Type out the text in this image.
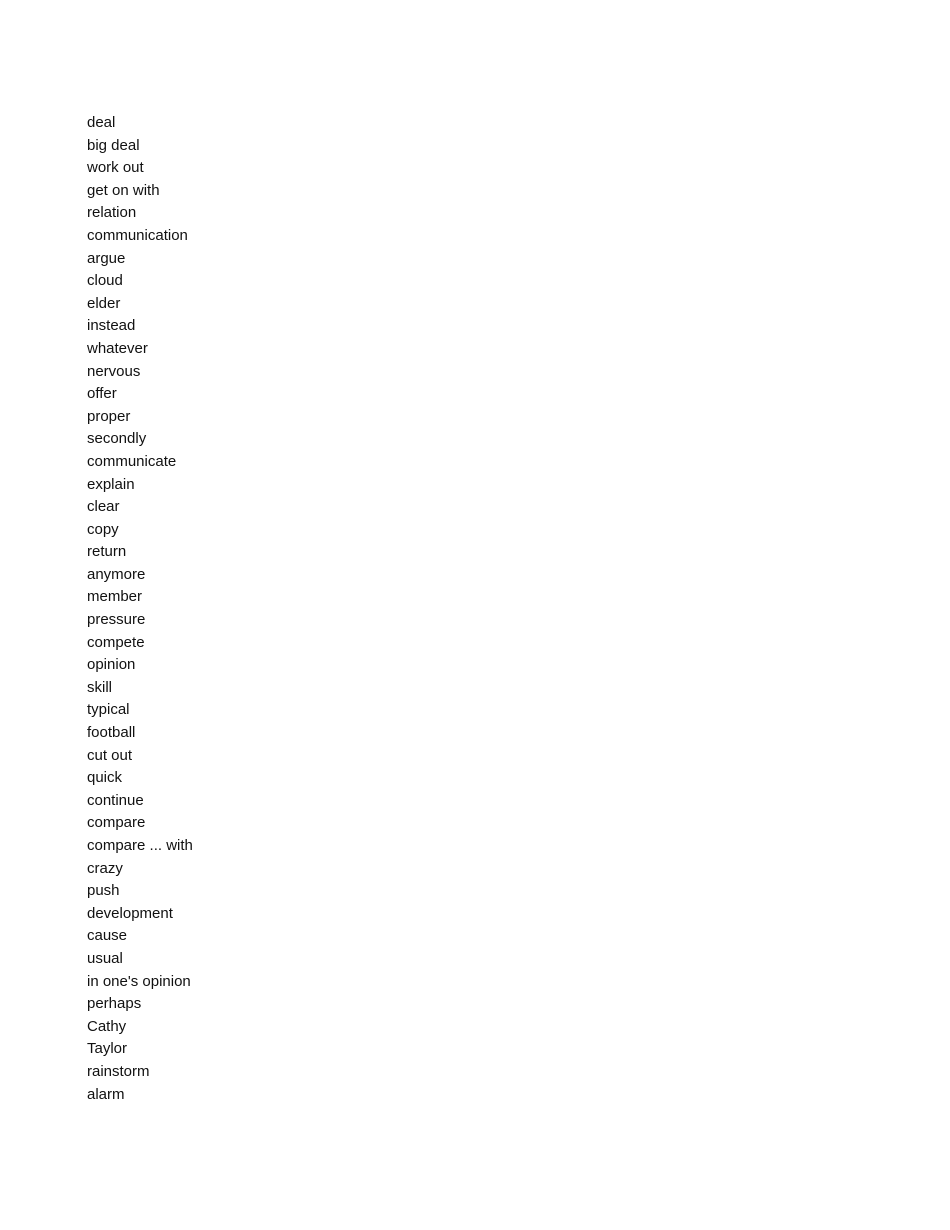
deal
big deal
work out
get on with
relation
communication
argue
cloud
elder
instead
whatever
nervous
offer
proper
secondly
communicate
explain
clear
copy
return
anymore
member
pressure
compete
opinion
skill
typical
football
cut out
quick
continue
compare
compare ... with
crazy
push
development
cause
usual
in one's opinion
perhaps
Cathy
Taylor
rainstorm
alarm
